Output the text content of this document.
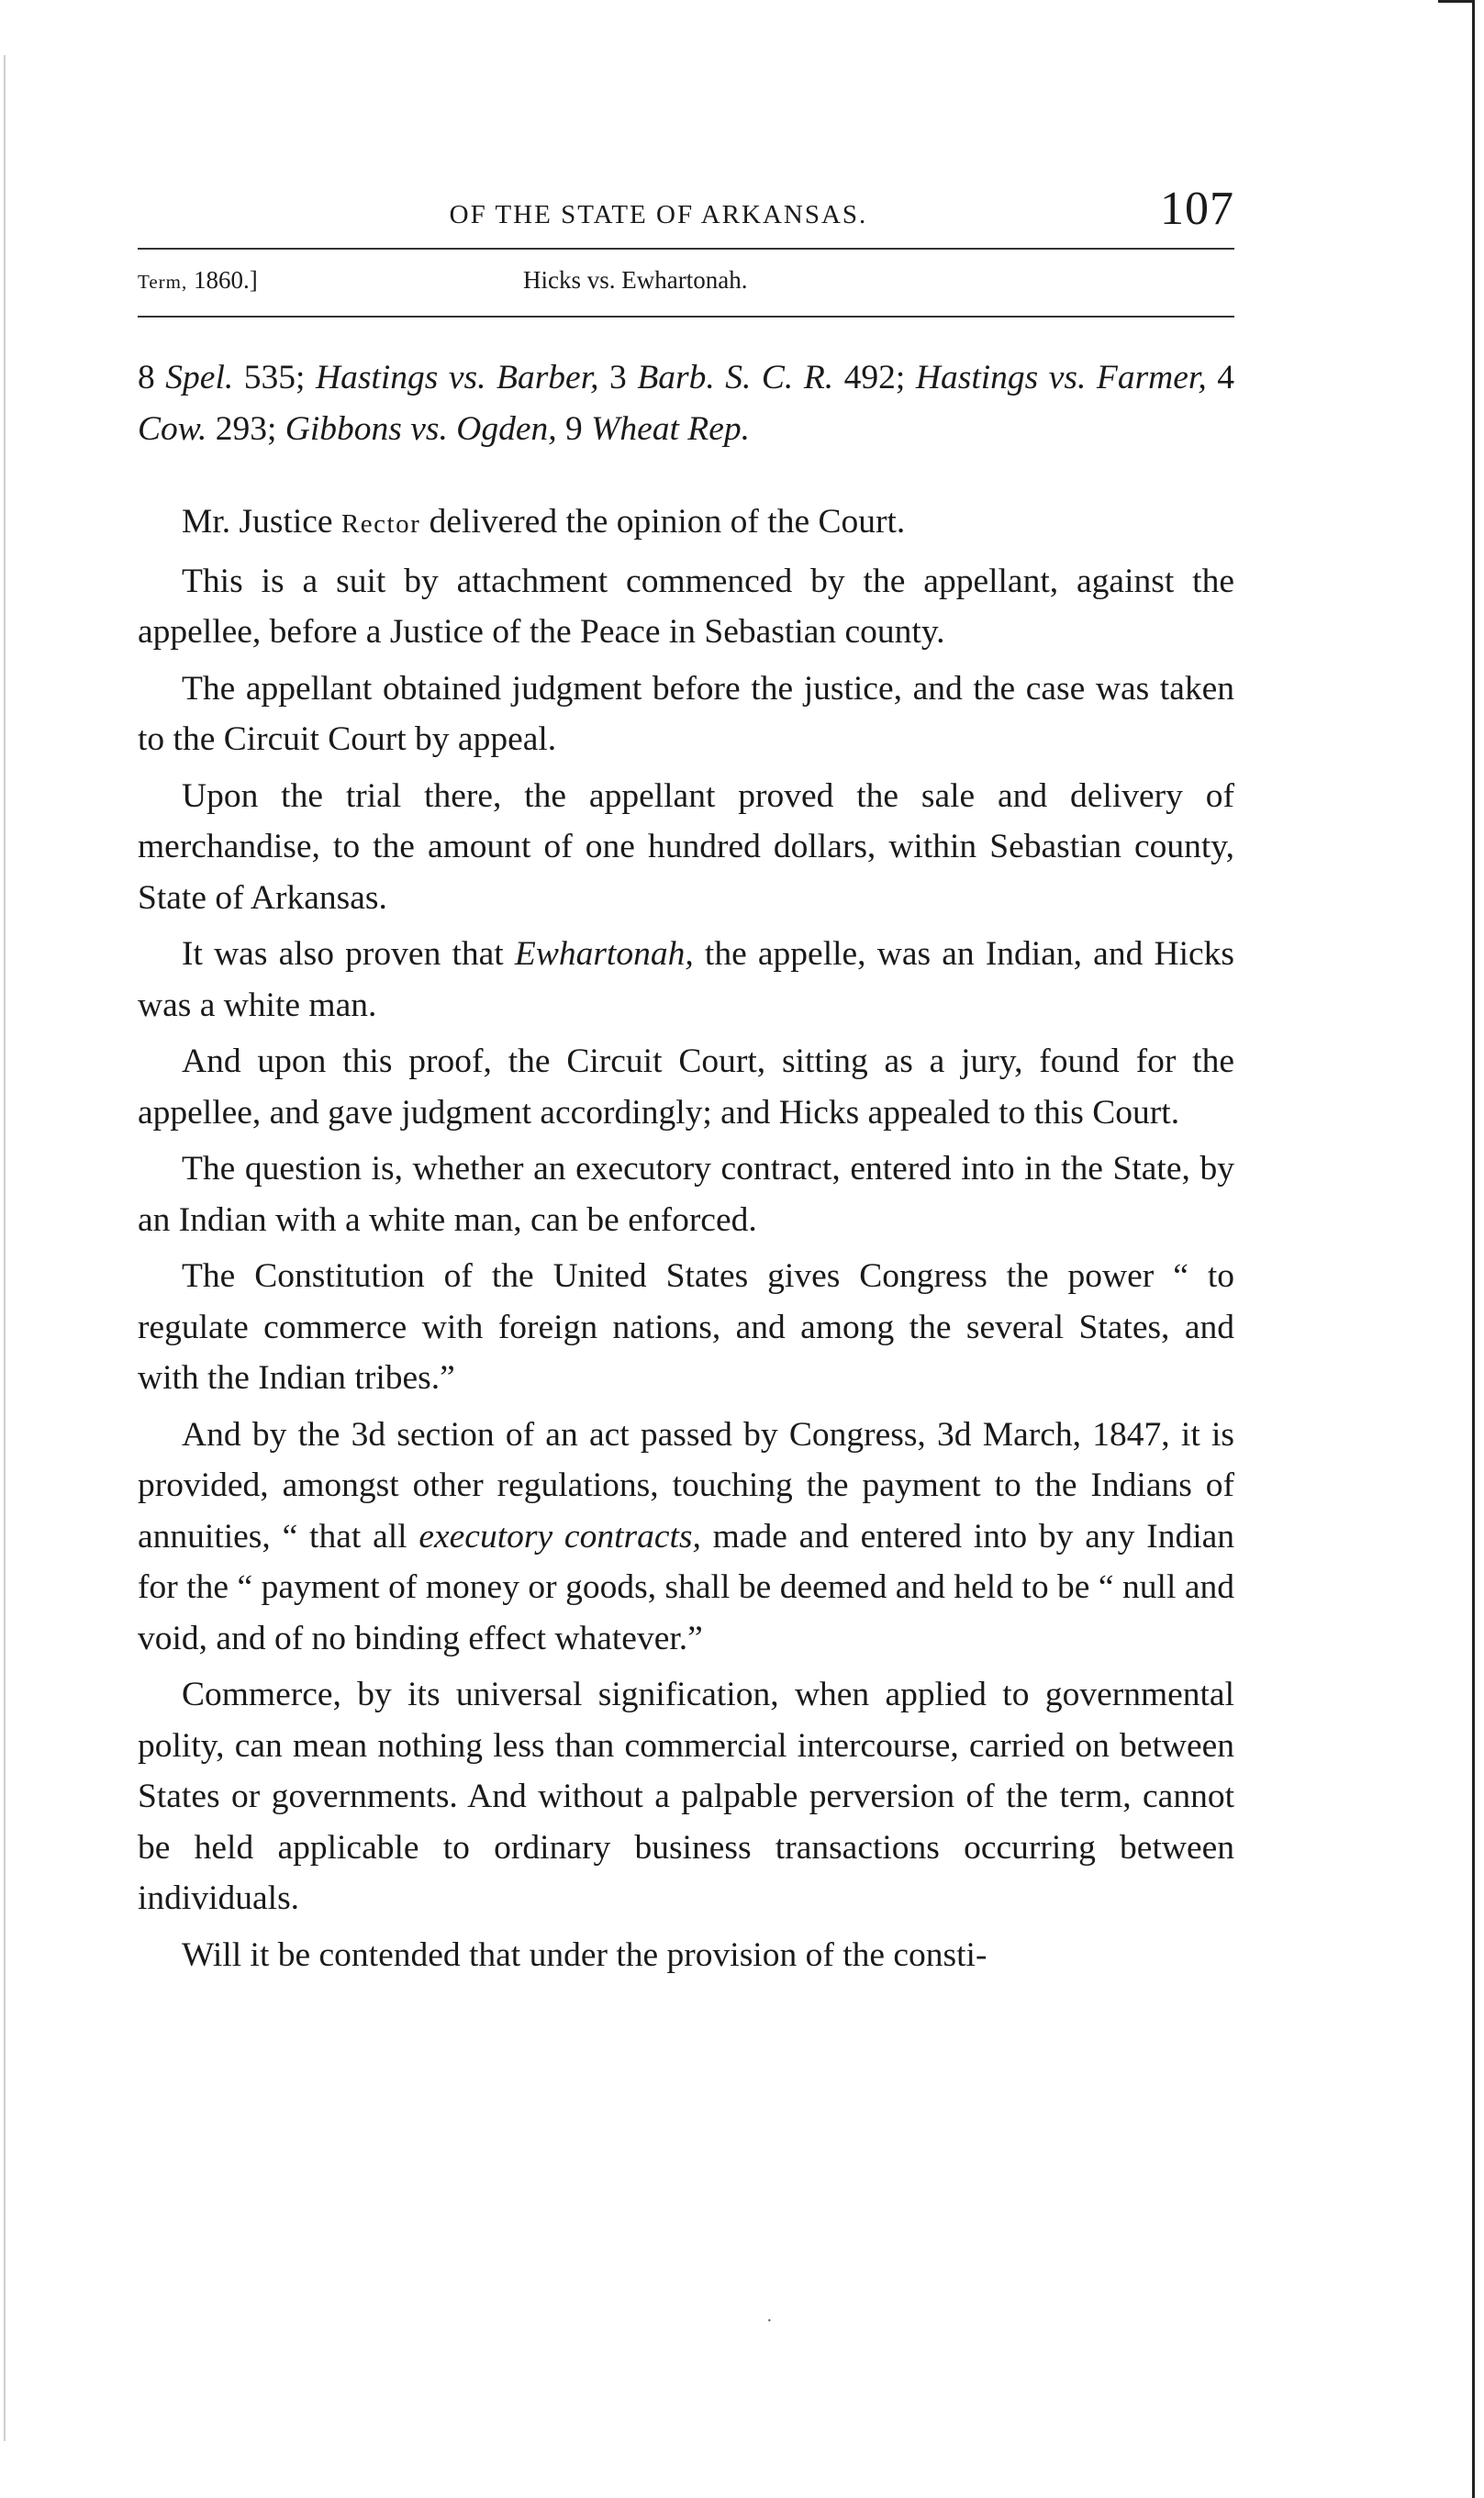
OF THE STATE OF ARKANSAS.	107
Term, 1860.]	Hicks vs. Ewhartonah.
8 Spel. 535; Hastings vs. Barber, 3 Barb. S. C. R. 492; Hastings vs. Farmer, 4 Cow. 293; Gibbons vs. Ogden, 9 Wheat Rep.

Mr. Justice Rector delivered the opinion of the Court.

This is a suit by attachment commenced by the appellant, against the appellee, before a Justice of the Peace in Sebastian county.

The appellant obtained judgment before the justice, and the case was taken to the Circuit Court by appeal.

Upon the trial there, the appellant proved the sale and delivery of merchandise, to the amount of one hundred dollars, within Sebastian county, State of Arkansas.

It was also proven that Ewhartonah, the appelle, was an Indian, and Hicks was a white man.

And upon this proof, the Circuit Court, sitting as a jury, found for the appellee, and gave judgment accordingly; and Hicks appealed to this Court.

The question is, whether an executory contract, entered into in the State, by an Indian with a white man, can be enforced.

The Constitution of the United States gives Congress the power “ to regulate commerce with foreign nations, and among the several States, and with the Indian tribes.”

And by the 3d section of an act passed by Congress, 3d March, 1847, it is provided, amongst other regulations, touching the payment to the Indians of annuities, “ that all executory contracts, made and entered into by any Indian for the “ payment of money or goods, shall be deemed and held to be “ null and void, and of no binding effect whatever.”

Commerce, by its universal signification, when applied to governmental polity, can mean nothing less than commercial intercourse, carried on between States or governments. And without a palpable perversion of the term, cannot be held applicable to ordinary business transactions occurring between individuals.

Will it be contended that under the provision of the consti-

·
